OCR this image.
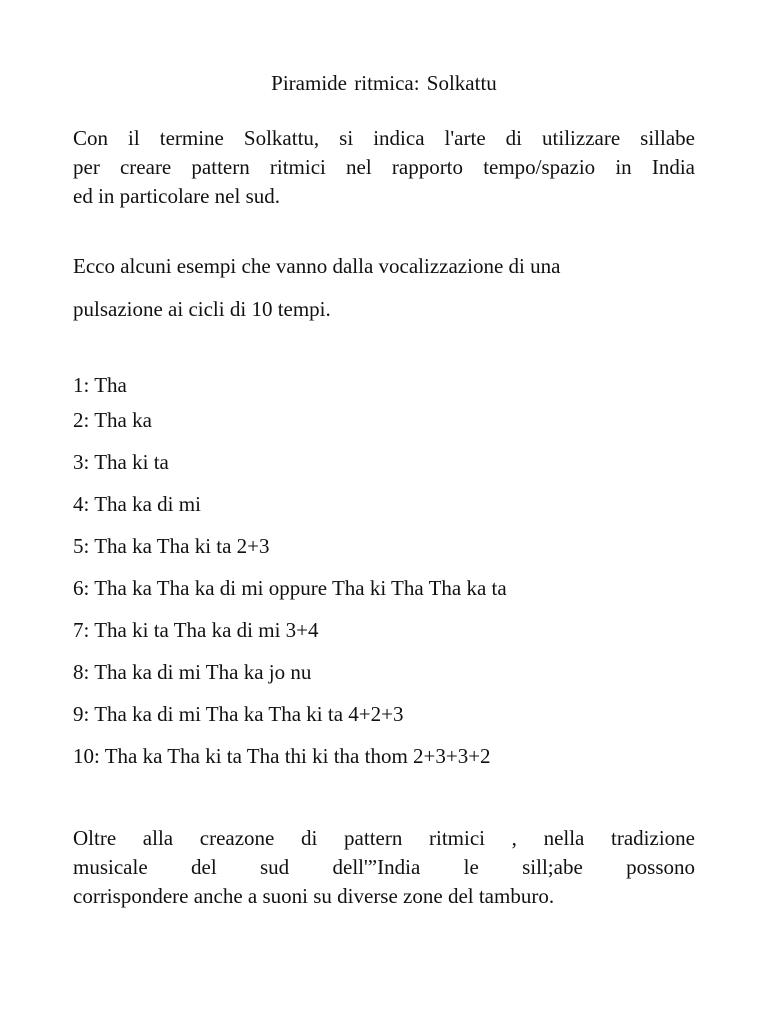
Piramide ritmica: Solkattu
Con il termine Solkattu, si indica l'arte di utilizzare sillabe
per creare pattern ritmici nel rapporto tempo/spazio in India
ed in particolare nel sud.
Ecco alcuni esempi che vanno dalla vocalizzazione di una
pulsazione ai cicli di 10 tempi.
1: Tha
2: Tha ka
3: Tha ki ta
4: Tha ka di mi
5: Tha ka Tha ki ta 2+3
6: Tha ka Tha ka di mi oppure Tha ki Tha Tha ka ta
7: Tha ki ta Tha ka di mi 3+4
8: Tha ka di mi Tha ka jo nu
9: Tha ka di mi Tha ka Tha ki ta 4+2+3
10: Tha ka Tha ki ta Tha thi ki tha thom 2+3+3+2
Oltre alla creazone di pattern ritmici , nella tradizione
musicale del sud dell'”India le sill;abe possono
corrispondere anche a suoni su diverse zone del tamburo.
